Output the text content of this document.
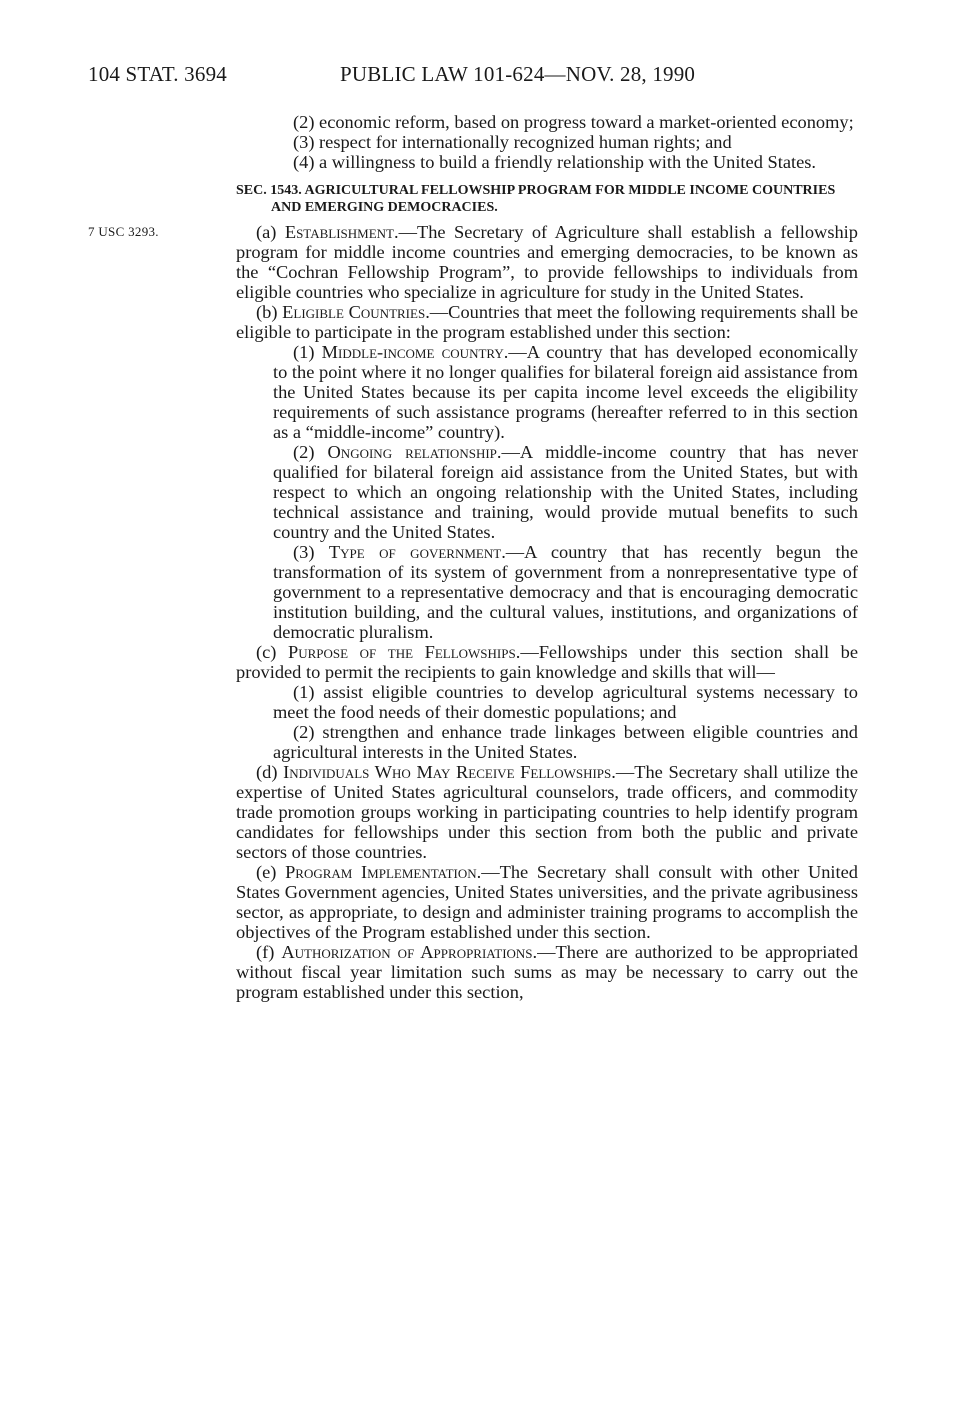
104 STAT. 3694	PUBLIC LAW 101-624—NOV. 28, 1990
7 USC 3293.

(2) economic reform, based on progress toward a market-oriented economy;

(3) respect for internationally recognized human rights; and

(4) a willingness to build a friendly relationship with the United States.

SEC. 1543. AGRICULTURAL FELLOWSHIP PROGRAM FOR MIDDLE INCOME COUNTRIES AND EMERGING DEMOCRACIES.

(a) Establishment.—The Secretary of Agriculture shall establish a fellowship program for middle income countries and emerging democracies, to be known as the “Cochran Fellowship Program”, to provide fellowships to individuals from eligible countries who specialize in agriculture for study in the United States.

(b) Eligible Countries.—Countries that meet the following requirements shall be eligible to participate in the program established under this section:

(1) Middle-income country.—A country that has developed economically to the point where it no longer qualifies for bilateral foreign aid assistance from the United States because its per capita income level exceeds the eligibility requirements of such assistance programs (hereafter referred to in this section as a “middle-income” country).

(2) Ongoing relationship.—A middle-income country that has never qualified for bilateral foreign aid assistance from the United States, but with respect to which an ongoing relationship with the United States, including technical assistance and training, would provide mutual benefits to such country and the United States.

(3) Type of government.—A country that has recently begun the transformation of its system of government from a nonrepresentative type of government to a representative democracy and that is encouraging democratic institution building, and the cultural values, institutions, and organizations of democratic pluralism.

(c) Purpose of the Fellowships.—Fellowships under this section shall be provided to permit the recipients to gain knowledge and skills that will—

(1) assist eligible countries to develop agricultural systems necessary to meet the food needs of their domestic populations; and

(2) strengthen and enhance trade linkages between eligible countries and agricultural interests in the United States.

(d) Individuals Who May Receive Fellowships.—The Secretary shall utilize the expertise of United States agricultural counselors, trade officers, and commodity trade promotion groups working in participating countries to help identify program candidates for fellowships under this section from both the public and private sectors of those countries.

(e) Program Implementation.—The Secretary shall consult with other United States Government agencies, United States universities, and the private agribusiness sector, as appropriate, to design and administer training programs to accomplish the objectives of the Program established under this section.

(f) Authorization of Appropriations.—There are authorized to be appropriated without fiscal year limitation such sums as may be necessary to carry out the program established under this section,
